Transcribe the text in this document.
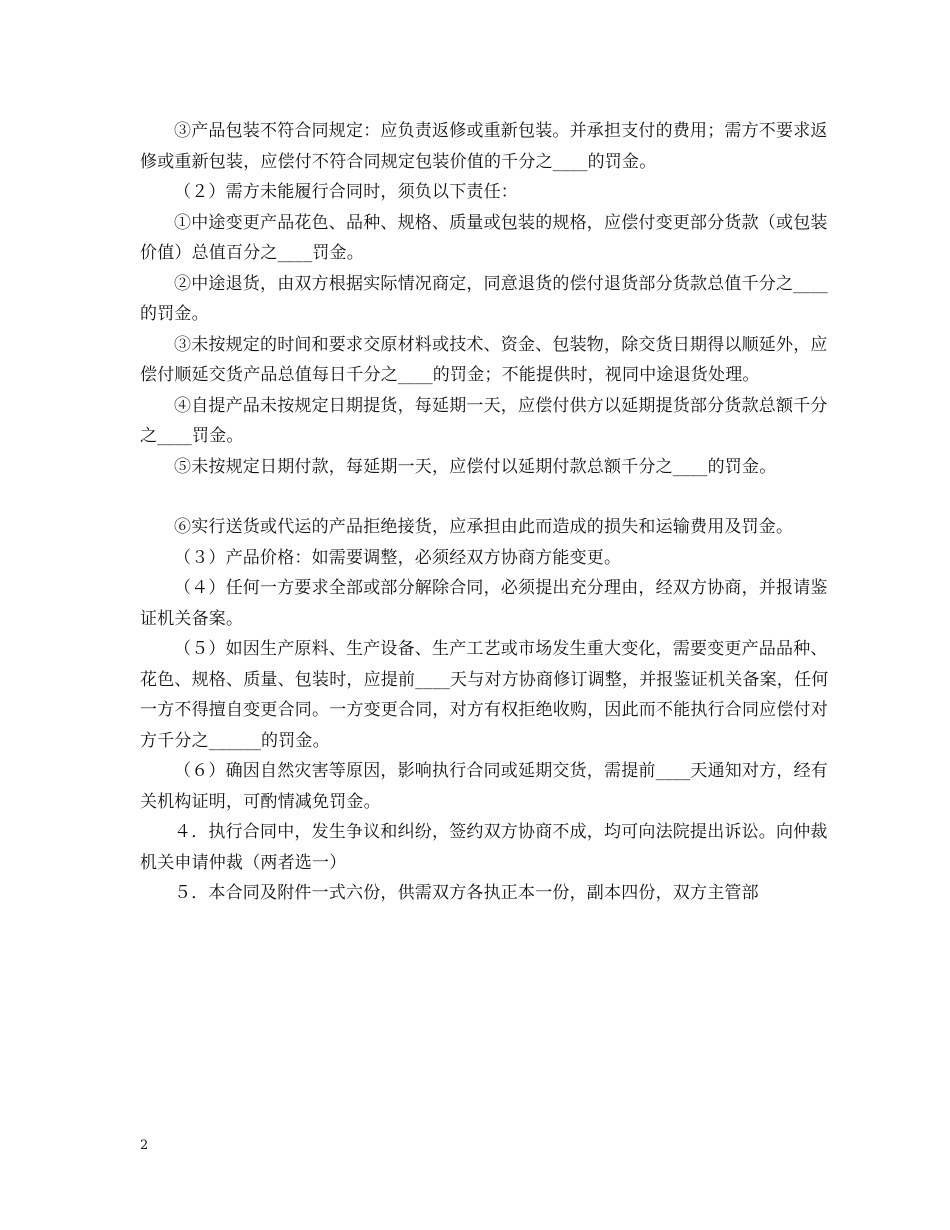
③产品包装不符合同规定：应负责返修或重新包装。并承担支付的费用；需方不要求返修或重新包装，应偿付不符合同规定包装价值的千分之____的罚金。

（２）需方未能履行合同时，须负以下责任：

①中途变更产品花色、品种、规格、质量或包装的规格，应偿付变更部分货款（或包装价值）总值百分之____罚金。

②中途退货，由双方根据实际情况商定，同意退货的偿付退货部分货款总值千分之____的罚金。

③未按规定的时间和要求交原材料或技术、资金、包装物，除交货日期得以顺延外，应偿付顺延交货产品总值每日千分之____的罚金；不能提供时，视同中途退货处理。

④自提产品未按规定日期提货，每延期一天，应偿付供方以延期提货部分货款总额千分之____罚金。

⑤未按规定日期付款，每延期一天，应偿付以延期付款总额千分之____的罚金。

⑥实行送货或代运的产品拒绝接货，应承担由此而造成的损失和运输费用及罚金。

（３）产品价格：如需要调整，必须经双方协商方能变更。

（４）任何一方要求全部或部分解除合同，必须提出充分理由，经双方协商，并报请鉴证机关备案。

（５）如因生产原料、生产设备、生产工艺或市场发生重大变化，需要变更产品品种、花色、规格、质量、包装时，应提前____天与对方协商修订调整，并报鉴证机关备案，任何一方不得擅自变更合同。一方变更合同，对方有权拒绝收购，因此而不能执行合同应偿付对方千分之______的罚金。

（６）确因自然灾害等原因，影响执行合同或延期交货，需提前____天通知对方，经有关机构证明，可酌情减免罚金。

４．执行合同中，发生争议和纠纷，签约双方协商不成，均可向法院提出诉讼。向仲裁机关申请仲裁（两者选一）

５．本合同及附件一式六份，供需双方各执正本一份，副本四份，双方主管部

2
